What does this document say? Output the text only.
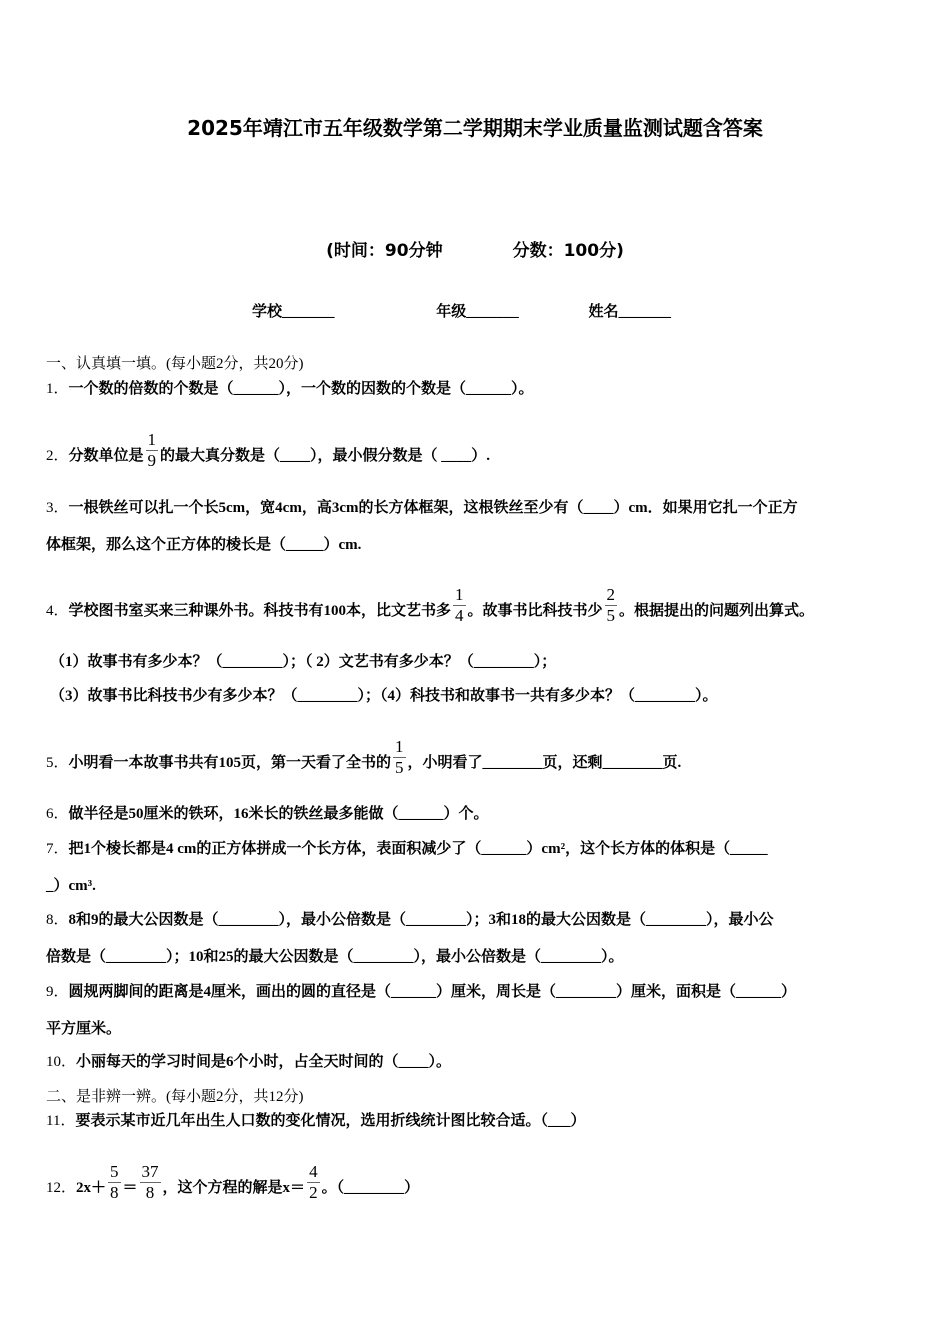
2025年靖江市五年级数学第二学期期末学业质量监测试题含答案
(时间：90分钟	分数：100分)
学校_______	年级_______	姓名_______
一、认真填一填。(每小题2分，共20分)
1．一个数的倍数的个数是（______），一个数的因数的个数是（______）。
2．分数单位是 $\frac{1}{9}$ 的最大真分数是（____），最小假分数是（ ____）.
3．一根铁丝可以扎一个长5cm，宽4cm，高3cm的长方体框架，这根铁丝至少有（____）cm．如果用它扎一个正方
体框架，那么这个正方体的棱长是（_____）cm.
4．学校图书室买来三种课外书。科技书有100本，比文艺书多 $\frac{1}{4}$ 。故事书比科技书少 $\frac{2}{5}$ 。根据提出的问题列出算式。
（1）故事书有多少本？（________）；（ 2）文艺书有多少本？（________）；
（3）故事书比科技书少有多少本？（________）；（4）科技书和故事书一共有多少本？（________）。
5．小明看一本故事书共有105页，第一天看了全书的 $\frac{1}{5}$ ，小明看了________页，还剩________页.
6．做半径是50厘米的铁环，16米长的铁丝最多能做（______）个。
7．把1个棱长都是4 cm的正方体拼成一个长方体，表面积减少了（______）cm²，这个长方体的体积是（_____
_）cm³.
8．8和9的最大公因数是（________），最小公倍数是（________）；3和18的最大公因数是（________），最小公
倍数是（________）；10和25的最大公因数是（________），最小公倍数是（________）。
9．圆规两脚间的距离是4厘米，画出的圆的直径是（______）厘米，周长是（________）厘米，面积是（______）
平方厘米。
10．小丽每天的学习时间是6个小时，占全天时间的（____）。
二、是非辨一辨。(每小题2分，共12分)
11．要表示某市近几年出生人口数的变化情况，选用折线统计图比较合适。（___）
12．$2x+ \frac{5}{8} = \frac{37}{8}$ ，这个方程的解是$x= \frac{4}{2}$ 。（________）
